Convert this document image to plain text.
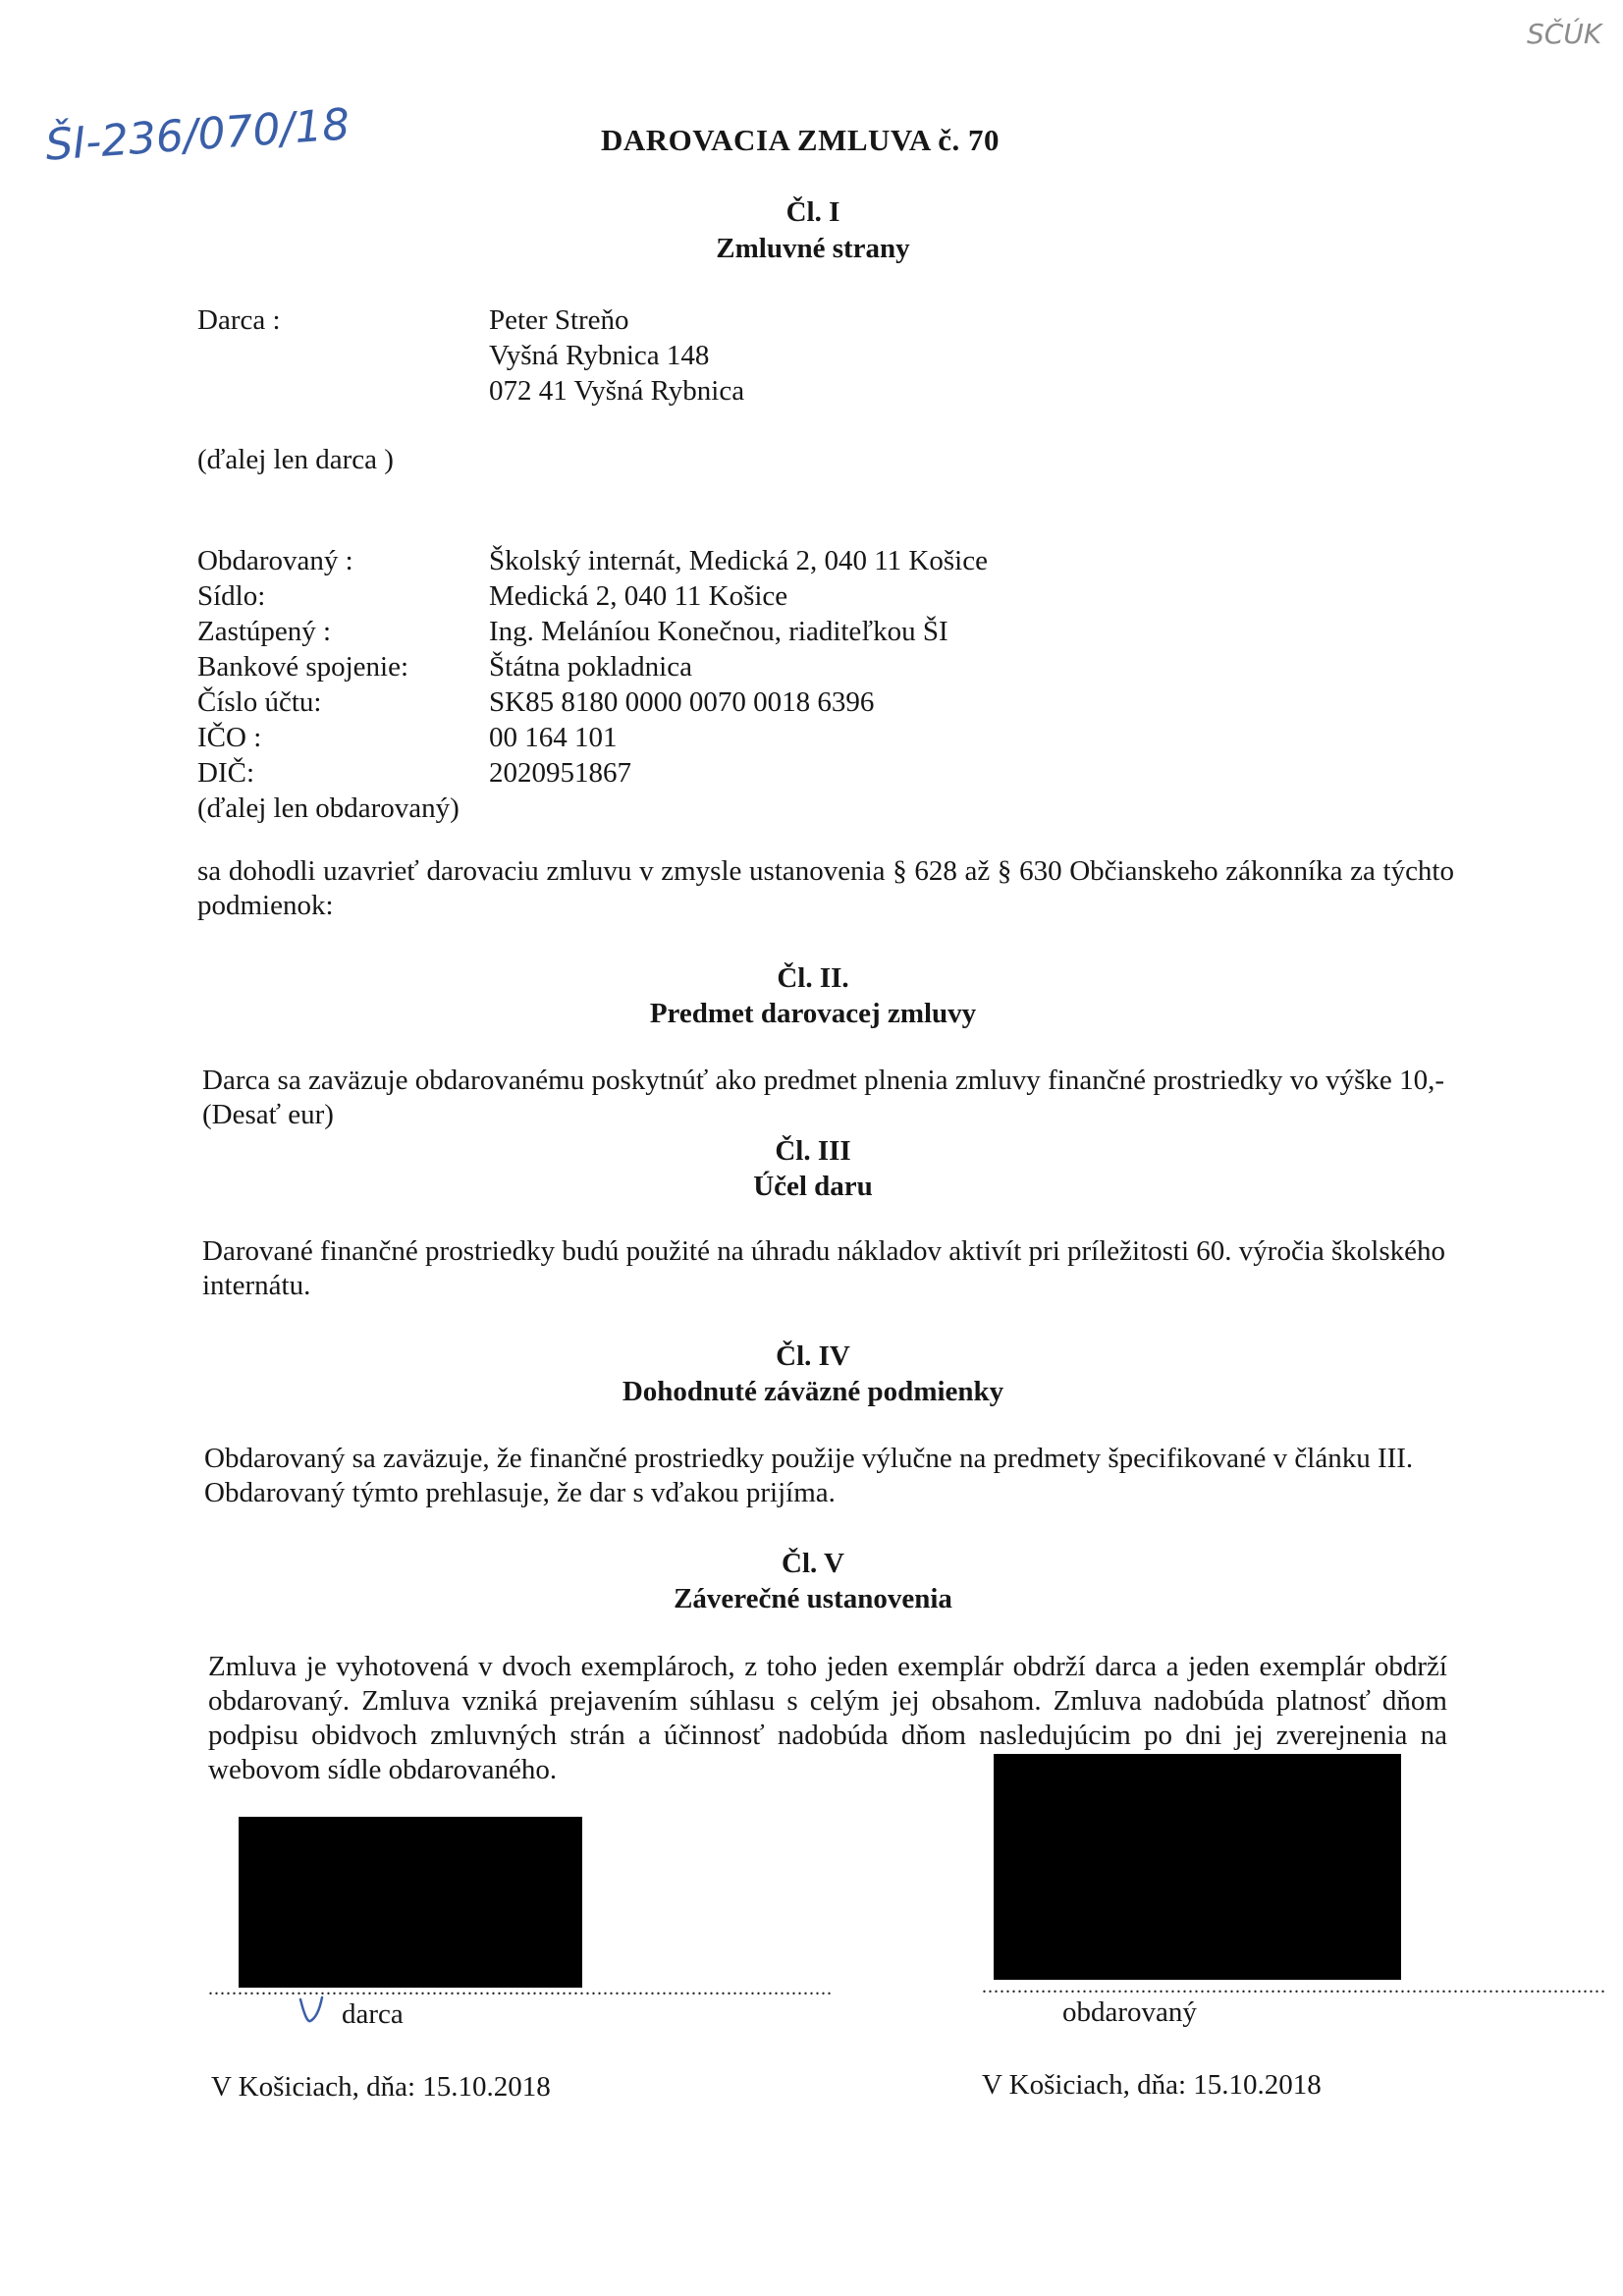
ŠI-236/070/18
SČÚK
DAROVACIA ZMLUVA č. 70
Čl. I
Zmluvné strany
Darca :	Peter Streňo
Vyšná Rybnica 148
072 41 Vyšná Rybnica
(ďalej len darca )
Obdarovaný :	Školský internát, Medická 2, 040 11 Košice
Sídlo:	Medická 2, 040 11 Košice
Zastúpený :	Ing. Meláníou Konečnou, riaditeľkou ŠI
Bankové spojenie:	Štátna pokladnica
Číslo účtu:	SK85 8180 0000 0070 0018 6396
IČO :	00 164 101
DIČ:	2020951867
(ďalej len obdarovaný)
sa dohodli uzavrieť darovaciu zmluvu v zmysle ustanovenia § 628 až § 630 Občianskeho zákonníka za týchto podmienok:
Čl. II.
Predmet darovacej zmluvy
Darca sa zaväzuje obdarovanému poskytnúť ako predmet plnenia zmluvy finančné prostriedky vo výške 10,- (Desať eur)
Čl. III
Účel daru
Darované finančné prostriedky budú použité na úhradu nákladov aktivít pri príležitosti 60. výročia školského internátu.
Čl. IV
Dohodnuté záväzné podmienky
Obdarovaný sa zaväzuje, že finančné prostriedky použije výlučne na predmety špecifikované v článku III. Obdarovaný týmto prehlasuje, že dar s vďakou prijíma.
Čl. V
Záverečné ustanovenia
Zmluva je vyhotovená v dvoch exemplároch, z toho jeden exemplár obdrží darca a jeden exemplár obdrží obdarovaný. Zmluva vzniká prejavením súhlasu s celým jej obsahom. Zmluva nadobúda platnosť dňom podpisu obidvoch zmluvných strán a účinnosť nadobúda dňom nasledujúcim po dni jej zverejnenia na webovom sídle obdarovaného.
..........................................................................................................	..........................................................................................................
darca	obdarovaný
V Košiciach, dňa: 15.10.2018	V Košiciach, dňa: 15.10.2018
